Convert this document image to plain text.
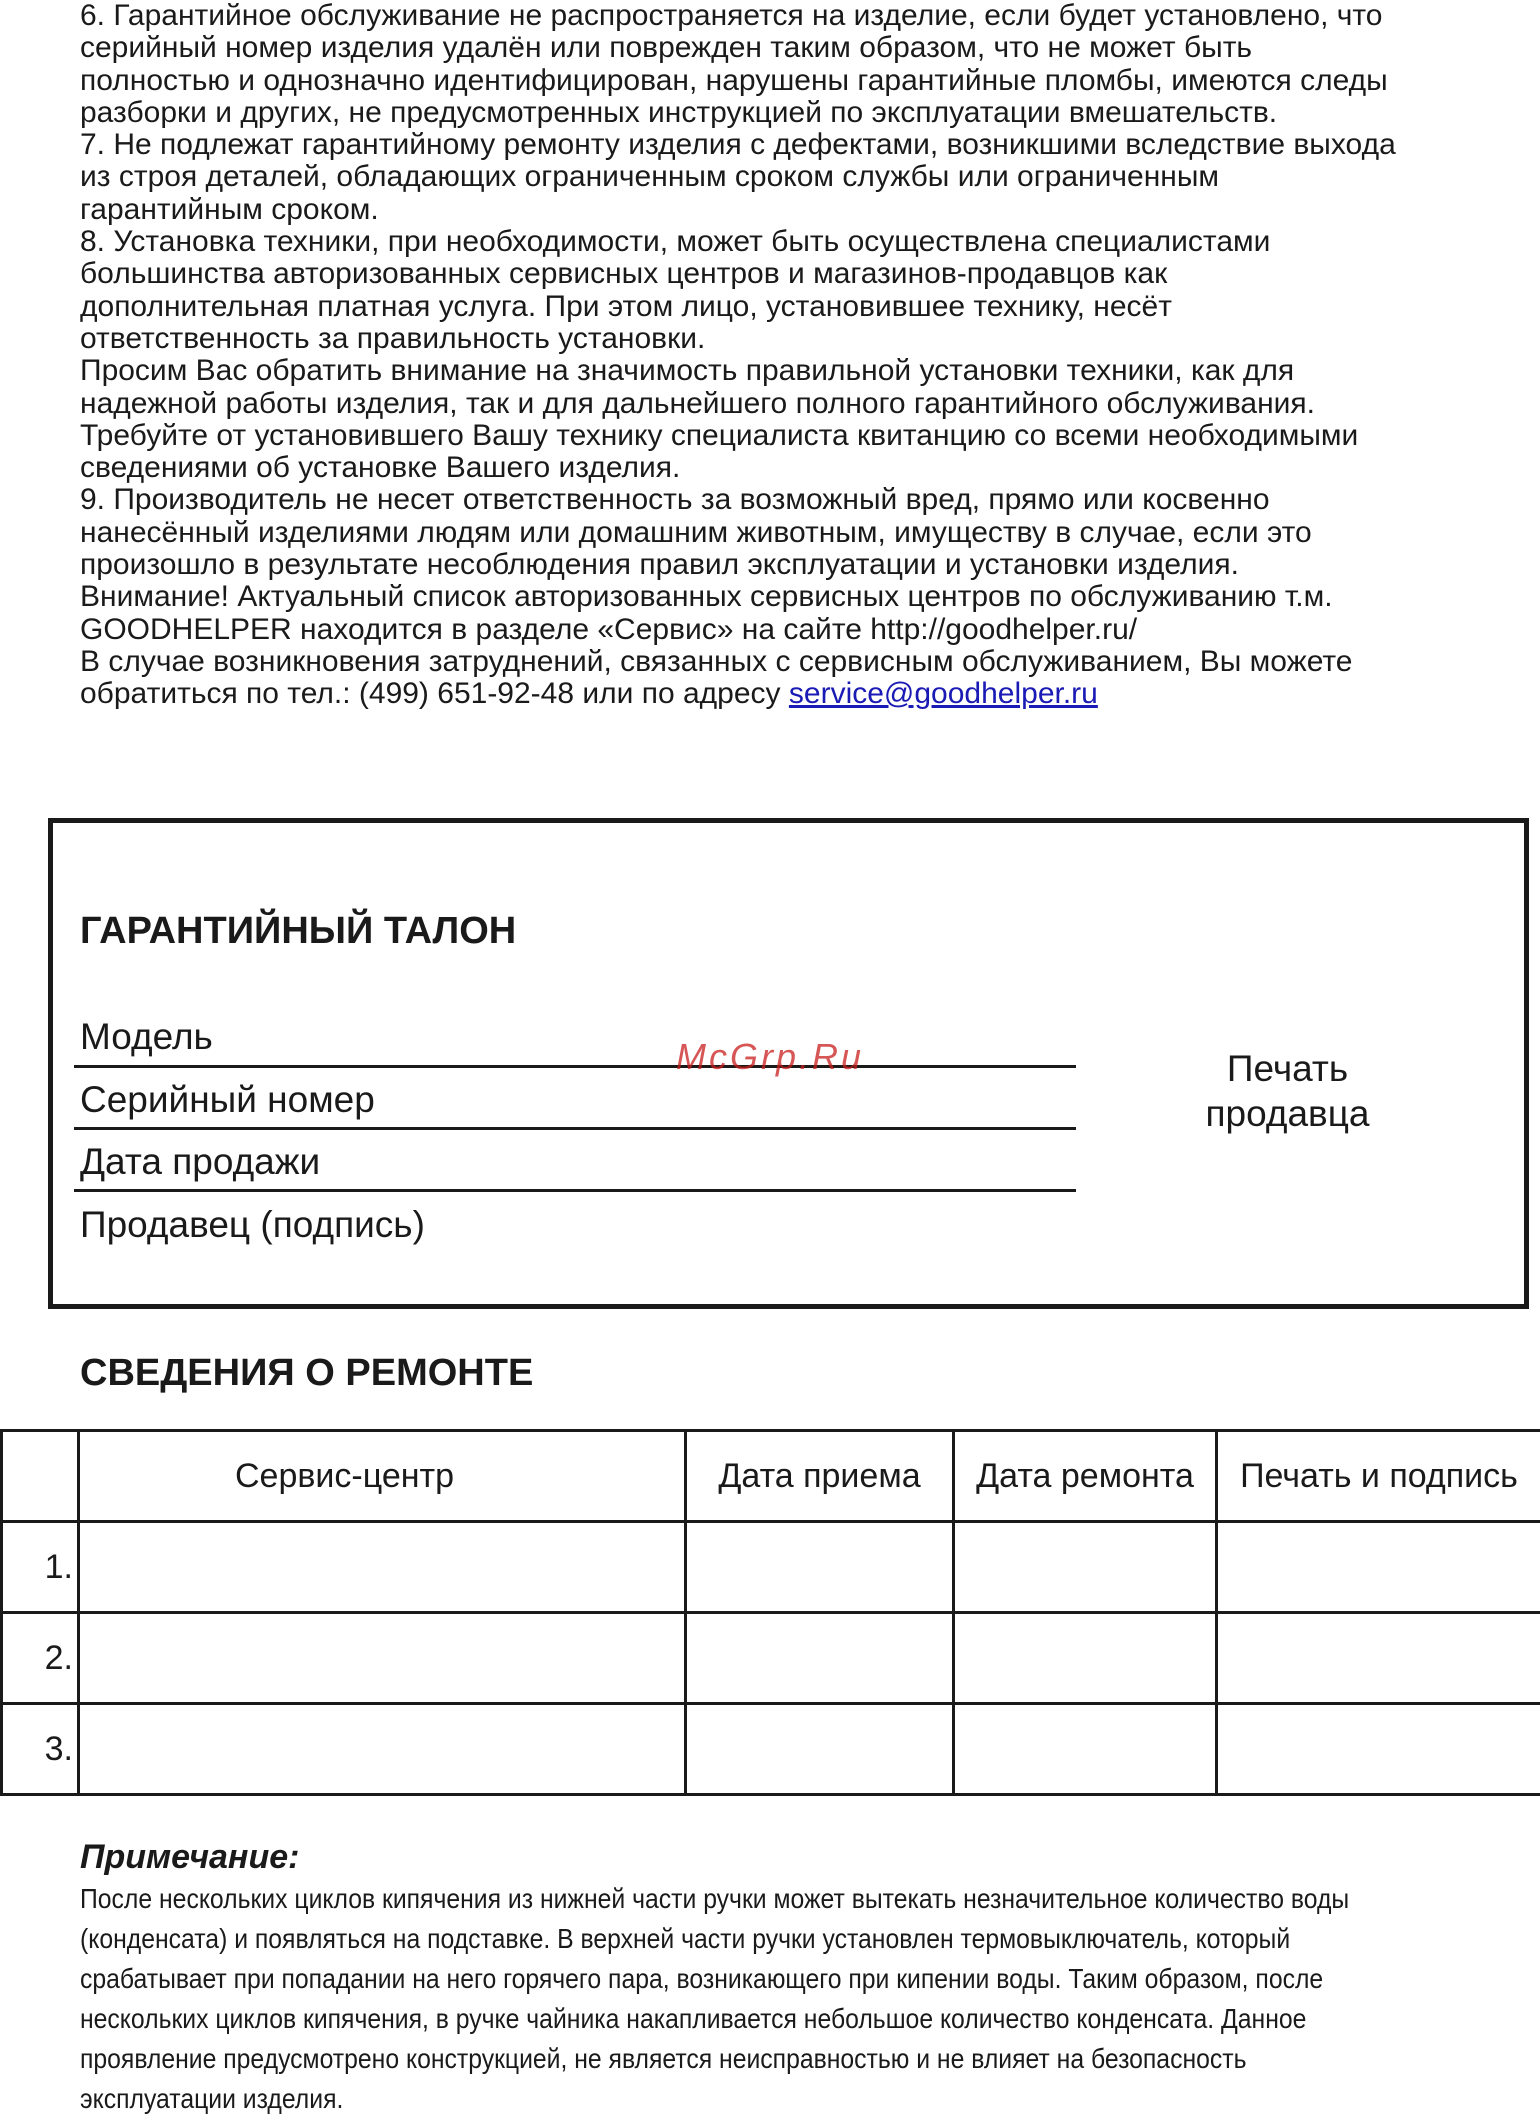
6. Гарантийное обслуживание не распространяется на изделие, если будет установлено, что
серийный номер изделия удалён или поврежден таким образом, что не может быть
полностью и однозначно идентифицирован, нарушены гарантийные пломбы, имеются следы
разборки и других, не предусмотренных инструкцией по эксплуатации вмешательств.
7. Не подлежат гарантийному ремонту изделия с дефектами, возникшими вследствие выхода
из строя деталей, обладающих ограниченным сроком службы или ограниченным
гарантийным сроком.
8. Установка техники, при необходимости, может быть осуществлена специалистами
большинства авторизованных сервисных центров и магазинов-продавцов как
дополнительная платная услуга. При этом лицо, установившее технику, несёт
ответственность за правильность установки.
Просим Вас обратить внимание на значимость правильной установки техники, как для
надежной работы изделия, так и для дальнейшего полного гарантийного обслуживания.
Требуйте от установившего Вашу технику специалиста квитанцию со всеми необходимыми
сведениями об установке Вашего изделия.
9. Производитель не несет ответственность за возможный вред, прямо или косвенно
нанесённый изделиями людям или домашним животным, имуществу в случае, если это
произошло в результате несоблюдения правил эксплуатации и установки изделия.
Внимание! Актуальный список авторизованных сервисных центров по обслуживанию т.м.
GOODHELPER находится в разделе «Сервис» на сайте http://goodhelper.ru/
В случае возникновения затруднений, связанных с сервисным обслуживанием, Вы можете
обратиться по тел.: (499) 651-92-48 или по адресу service@goodhelper.ru
ГАРАНТИЙНЫЙ ТАЛОН
Модель
Серийный номер
Дата продажи
Продавец (подпись)
Печать
продавца
McGrp.Ru
СВЕДЕНИЯ О РЕМОНТЕ
	Сервис-центр	Дата приема	Дата ремонта	Печать и подпись
1.				
2.				
3.				
Примечание:
После нескольких циклов кипячения из нижней части ручки может вытекать незначительное количество воды
(конденсата) и появляться на подставке. В верхней части ручки установлен термовыключатель, который
срабатывает при попадании на него горячего пара, возникающего при кипении воды. Таким образом, после
нескольких циклов кипячения, в ручке чайника накапливается небольшое количество конденсата. Данное
проявление предусмотрено конструкцией, не является неисправностью и не влияет на безопасность
эксплуатации изделия.
